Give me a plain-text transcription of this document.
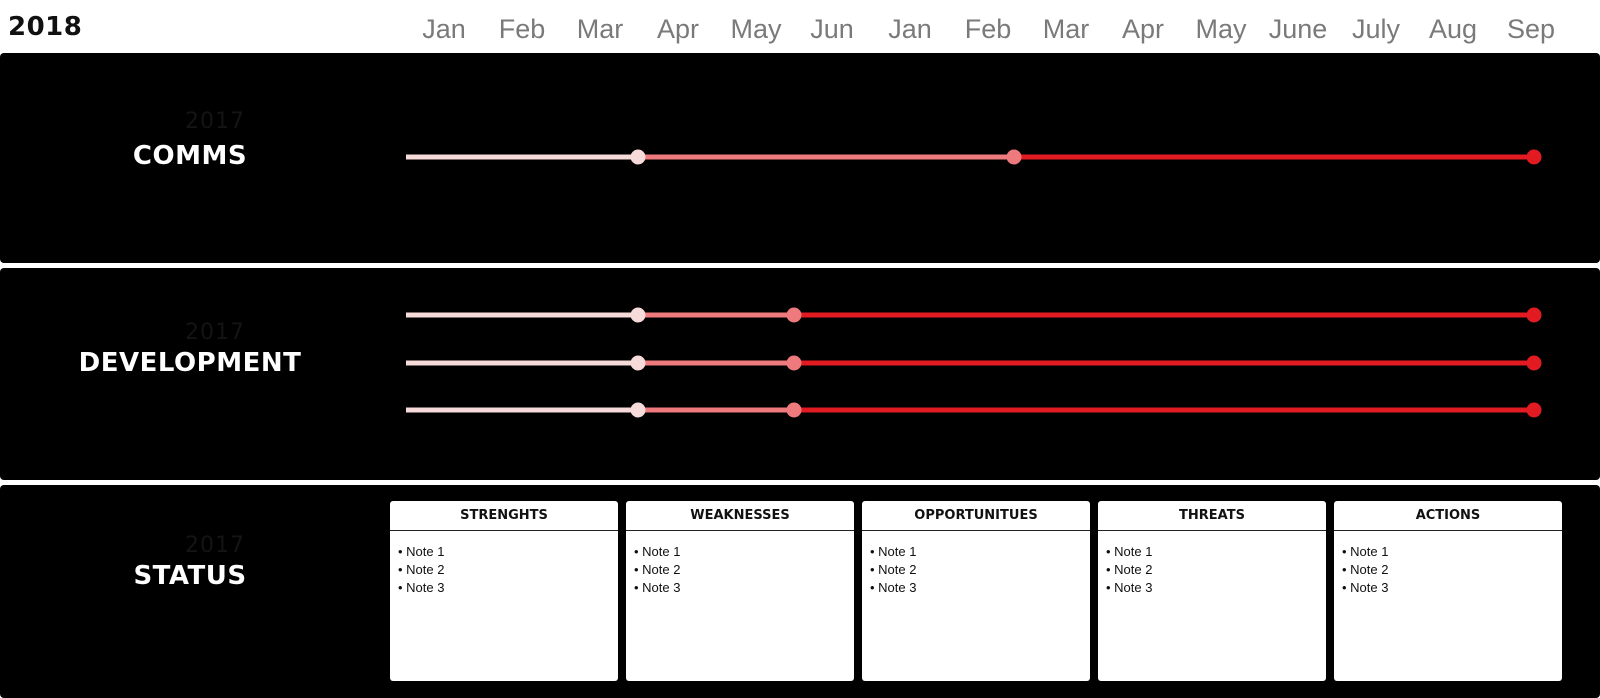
2018	Jan	Feb	Mar	Apr	May	Jun	Jan	Feb	Mar	Apr	May June July	Aug	Sep
2017
COMMS
2017
DEVELOPMENT
2017
STATUS
STRENGHTS
• Note 1
• Note 2
• Note 3
WEAKNESSES
• Note 1
• Note 2
• Note 3
OPPORTUNITUES
• Note 1
• Note 2
• Note 3
THREATS
• Note 1
• Note 2
• Note 3
ACTIONS
• Note 1
• Note 2
• Note 3
